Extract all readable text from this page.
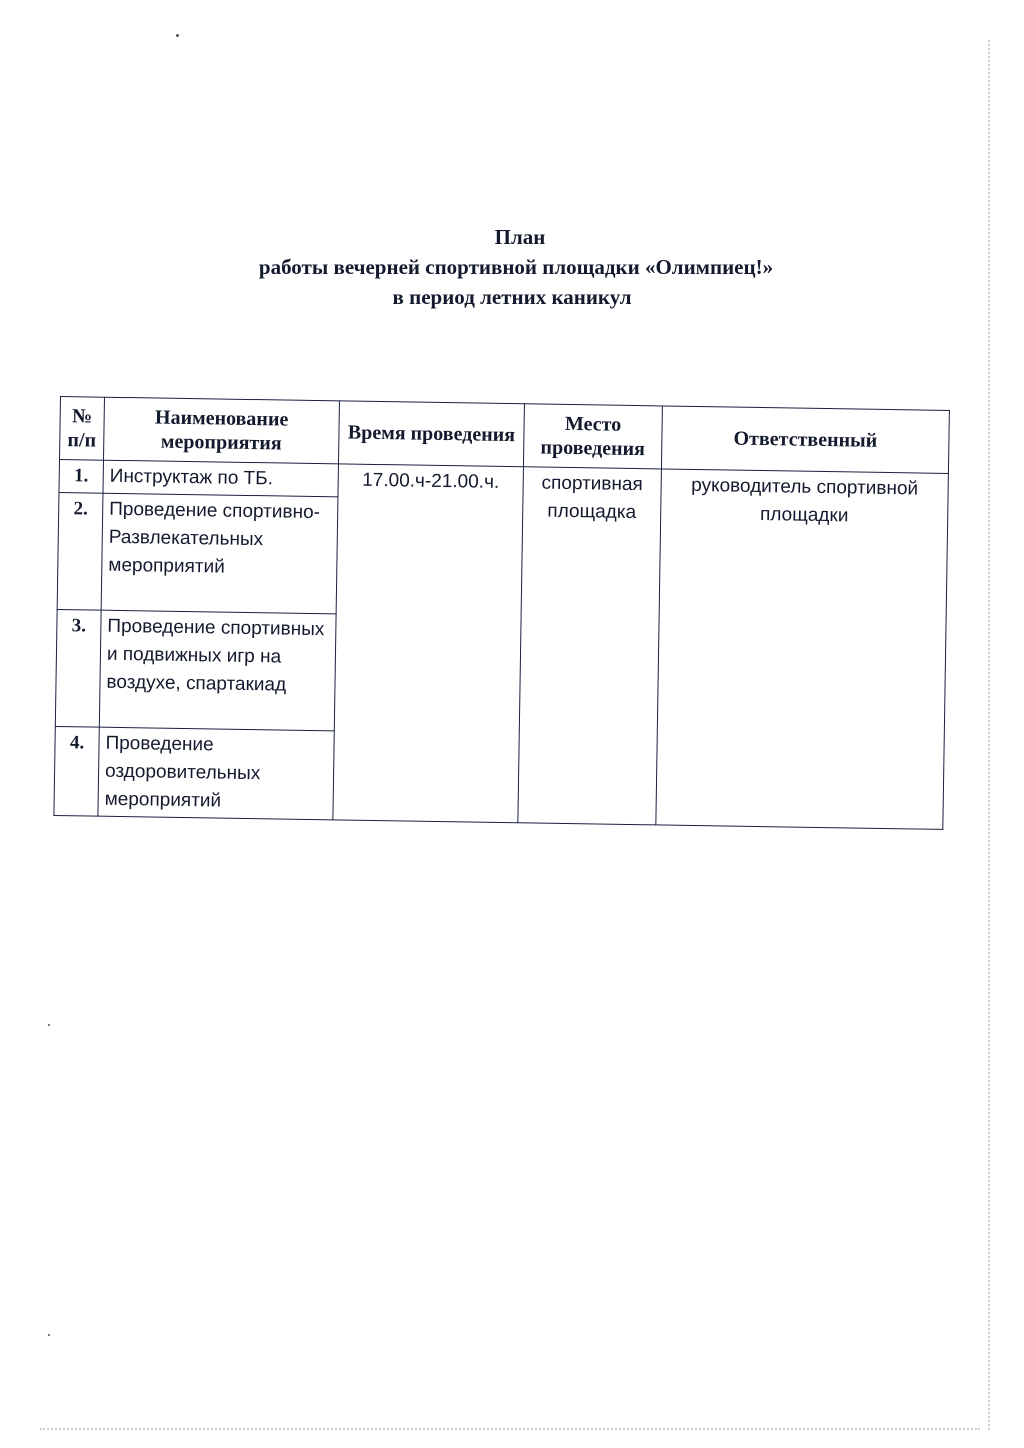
План
работы вечерней спортивной площадки «Олимпиец!»
в период летних каникул
№ п/п	Наименование мероприятия	Время проведения	Место проведения	Ответственный
1.	Инструктаж по ТБ.	17.00.ч-21.00.ч.	спортивная площадка	руководитель спортивной площадки
2.	Проведение спортивно-Развлекательных мероприятий			
3.	Проведение спортивных и подвижных игр на воздухе, спартакиад			
4.	Проведение оздоровительных мероприятий			
